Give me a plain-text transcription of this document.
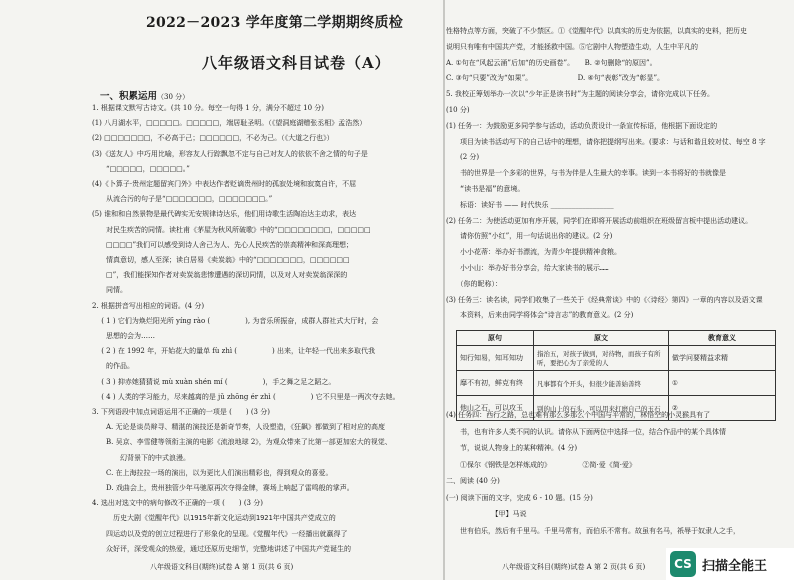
2022－2023 学年度第二学期期终质检
八年级语文科目试卷（A）
一、积累运用（30 分）
1. 根据课文默写古诗文。(共 10 分。每空一句得 1 分，满分不超过 10 分)
(1) 八月湖水平，□□□□□。□□□□□，端居耻圣明。（《望洞庭湖赠张丞相》孟浩然）
(2) □□□□□□□，不必高于己；□□□□□□，不必为己。（《大道之行也》）
(3)《送友人》中巧用比喻，形容友人行踪飘忽不定与自己对友人的依依不舍之情的句子是
　　“□□□□□，□□□□□。”
(4)《卜算子·贵州定题留宾门外》中表达作者贬谪贵州时的孤寂处境和寂寞自许，不屈
　　从流合污的句子是“□□□□□□□，□□□□□□□。”
(5) 谁和和自然景物是最代碑实无安规律诗达乐，他们用诗歌生活陶冶达主动求，表达
　　对民生疾苦的同情。读杜甫《茅屋为秋风所破歌》中的“□□□□□□□□，□□□□□
　　□□□□”我们可以感受到诗人舍己为人、先心人民疾苦的崇高精神和深高理想；
　　情真意切，感人至深；读白居易《卖炭翁》中的“□□□□□□□，□□□□□□
　　□”，我们能探知作者对卖炭翁悲惨遭遇的深切同情，以及对人对卖炭翁深深的
　　同情。
2. 根据拼音写出相应的词语。(4 分)
　 ( 1 ) 它们为焕烂阳光所 yíng rào (　　　　　), 为音乐所振奋，成群人群社式大厅时，会
　　思想的会为……
　 ( 2 ) 在 1992 年，开始花大的量单 fù zhì (　　　　　) 出来，让年轻一代出来多取代我
　　的作品。
　 ( 3 ) 抑赤她猜猜说 mù xuàn shén mí (　　　　　)，手之舞之足之蹈之。
　 ( 4 ) 人类的学习能力，尽来越离的是 jǔ zhōng ér zhì (　　　　　) 它不只里是一两次夺去她。
3. 下列语段中加点词语运用不正确的一项是 (　　) (3 分)
　　A. 无论是谈员辩寻、精湛的演技还是新奇节奏，人设塑造，《狂飙》都做到了相对应的高度
　　B. 吴京、李雪健等领衔主演的电影《流浪地球 2》，为观众带来了比第一部更加宏大的视觉、
　　　　幻背景下的中式浪漫。
　　C. 在上海拉拉一场的演出，以为更比人们演出精彩也，得到观众的喜爱。
　　D. 戏曲会上，贵州独管少年马驰原再次夺得金牌，赛场上响起了雷鸣般的掌声。
4. 选出对选文中的病句修改不正确的一项 (　　) (3 分)
　　　历史大剧《觉醒年代》以1915年新文化运动到1921年中国共产党成立的
　　四运动以及党的创立过程进行了形象化的呈现。《觉醒年代》一经播出就赢得了
　　众好评，深受观众的热爱，通过还原历史细节，完整地讲述了中国共产党诞生的
八年级语文科目(期终)试卷 A 第 1 页(共 6 页)
性格特点等方面，突破了不少禁区。①《觉醒年代》以真实的历史为依据，以真实的史料，把历史
说明只有唯有中国共产党，才能拯救中国。⑤它剧中人物塑造生动，人生中平凡的
A. ①句在“风起云涌”后加“的历史画卷”。　　B. ②句删除“的原因”。
C. ③句“只要”改为“如果”。　　　　　　　D. ④句“表彰”改为“彰显”。
5. 我校正筹划举办一次以“少年正是读书时”为主题的阅读分享会，请你完成以下任务。
(10 分)
(1) 任务一：为鼓励更多同学参与活动，活动负责设计一条宣传标语，他根据下面设定的
　　项目为读书活动写下的自己话中的理想，请你把提纲写出来。(要求：与话和谐且较对仗、每空 8 字
　　(2 分)
　　书的世界是一个多彩的世界，与书为伴是人生最大的幸事。读到一本书将好的书就像是
　　“读书是福”的意境。
　　标语：读好书 —— 时代快乐 __________________
(2) 任务二：为使活动更加有序开展，同学们在即将开展活动前组织在班级留言板中提出活动建议。
　　请你仿照“小红”，用一句话说出你的建议。(2 分)
　　小小花蒂：举办好书漂流，为青少年提供精神食粮。
　　小小山：举办好书分享会，给大家读书的展示……
　　（你的昵称）：
(3) 任务三：读名读，同学们收集了一些关于《经典常谈》中的《〈诗经〉第四》一章的内容以及语文课
　　本资料，后来由同学将体会“诗言志”的教育意义。(2 分)
原句	原文	教育意义
知行知易，知耳知功	指治五，对孩子做到，对待物，而孩子有所听，要把心为了亲爱的人	做学问要精益求精
靡不有初，鲜克有终	凡事都有个开头，但很少能善始善终	①
他山之石，可以攻玉	别的山上的石头，可以用来打磨自己的玉石	②
(4) 任务四：西行之路，总也难有那么多那么个中国与平常的，林悟空的小灵猴具有了
　　书，也有许多人类不同的认识。请你从下面两位中选择一位，结合作品中的某个具体情
　　节，说说人物身上的某种精神。(4 分)
　　①保尔《钢铁是怎样炼成的》　　　　　②简·爱《简·爱》
二、阅读 (40 分)
(一) 阅读下面的文字，完成 6 - 10 题。(15 分)
　　　　　　　【甲】马说
　　世有伯乐，然后有千里马。千里马常有，而伯乐不常有。故虽有名马，祇辱于奴隶人之手，
八年级语文科目(期终)试卷 A 第 2 页(共 6 页)	CS 扫描全能王
